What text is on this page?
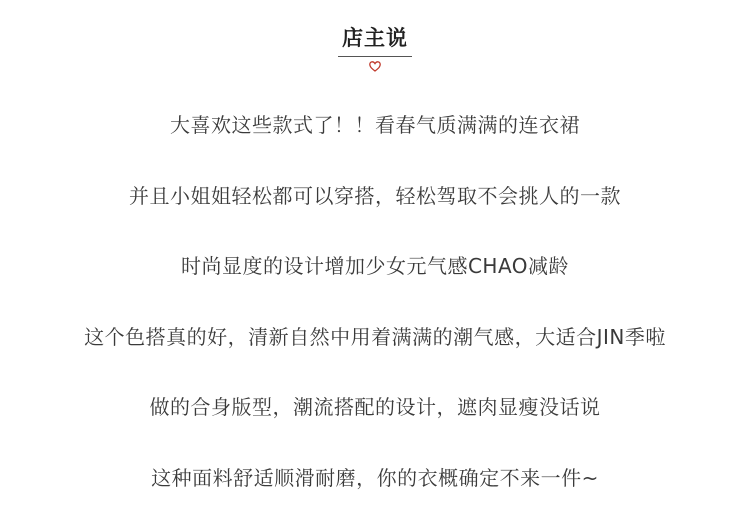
店主说
大喜欢这些款式了！！看春气质满满的连衣裙
并且小姐姐轻松都可以穿搭，轻松驾取不会挑人的一款
时尚显度的设计增加少女元气感CHAO减龄
这个色搭真的好，清新自然中用着满满的潮气感，大适合JIN季啦
做的合身版型，潮流搭配的设计，遮肉显瘦没话说
这种面料舒适顺滑耐磨，你的衣概确定不来一件~
